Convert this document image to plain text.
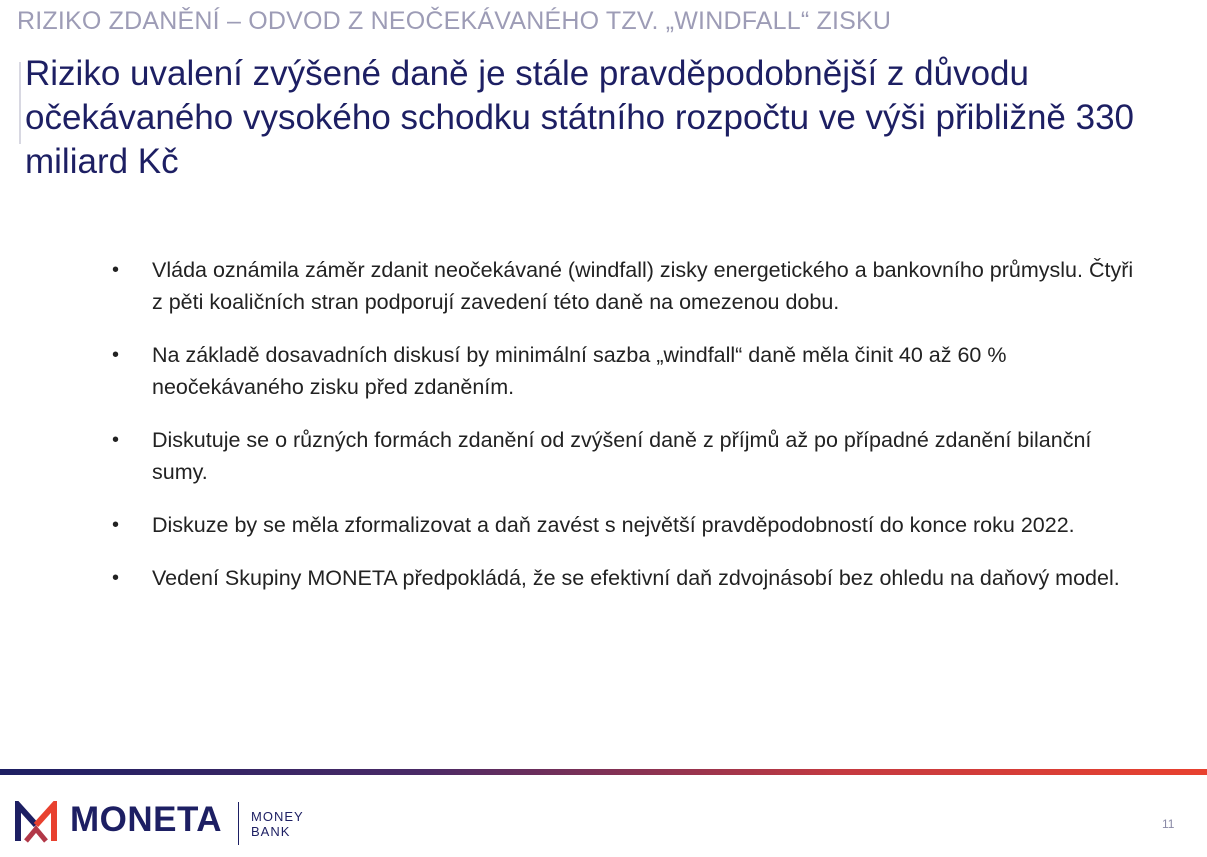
RIZIKO ZDANĚNÍ – ODVOD Z NEOČEKÁVANÉHO TZV. „WINDFALL“ ZISKU
Riziko uvalení zvýšené daně je stále pravděpodobnější z důvodu očekávaného vysokého schodku státního rozpočtu ve výši přibližně 330 miliard Kč
•	Vláda oznámila záměr zdanit neočekávané (windfall) zisky energetického a bankovního průmyslu. Čtyři z pěti koaličních stran podporují zavedení této daně na omezenou dobu.
•	Na základě dosavadních diskusí by minimální sazba „windfall“ daně měla činit 40 až 60 % neočekávaného zisku před zdaněním.
•	Diskutuje se o různých formách zdanění od zvýšení daně z příjmů až po případné zdanění bilanční sumy.
•	Diskuze by se měla zformalizovat a daň zavést s největší pravděpodobností do konce roku 2022.
•	Vedení Skupiny MONETA předpokládá, že se efektivní daň zdvojnásobí bez ohledu na daňový model.
MONETA MONEY
BANK	11
